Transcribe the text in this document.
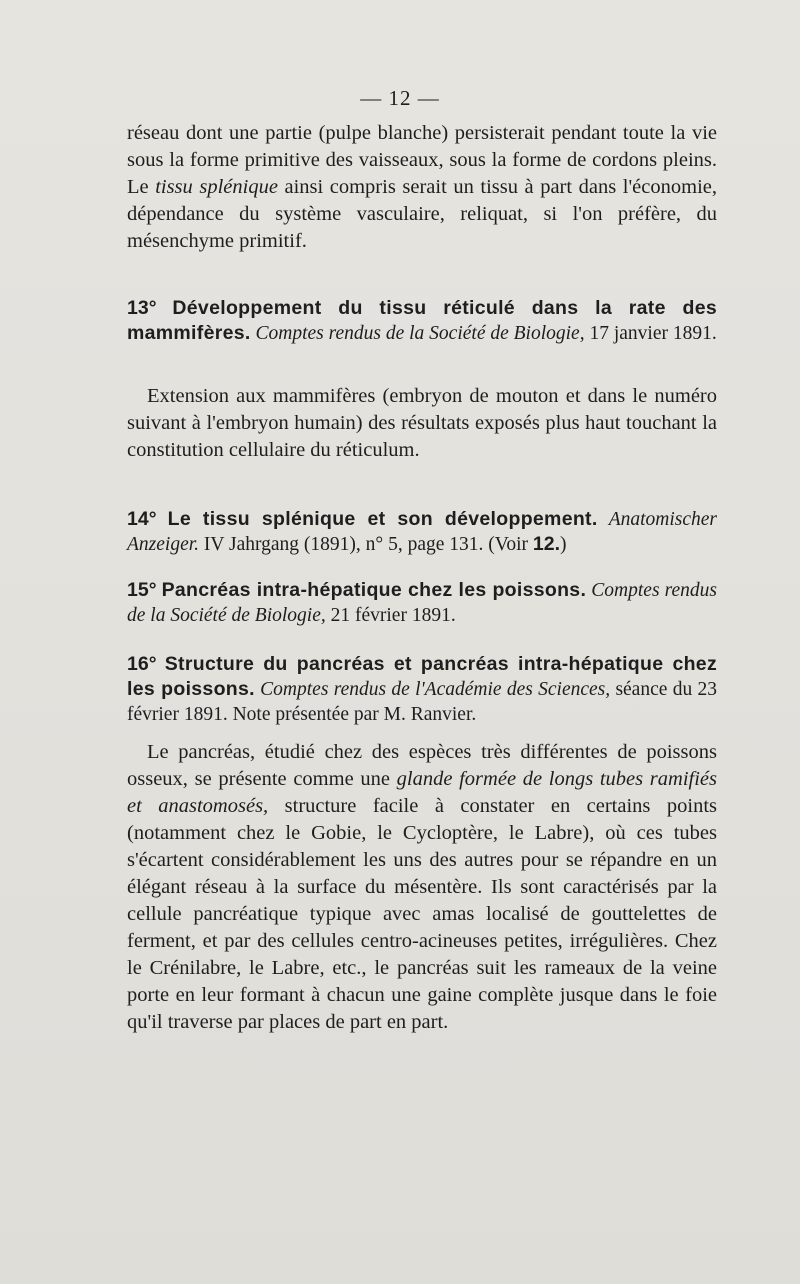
— 12 —

réseau dont une partie (pulpe blanche) persisterait pendant toute la vie sous la forme primitive des vaisseaux, sous la forme de cordons pleins. Le tissu splénique ainsi compris serait un tissu à part dans l'économie, dépendance du système vasculaire, reliquat, si l'on préfère, du mésenchyme primitif.

13° Développement du tissu réticulé dans la rate des mammifères. Comptes rendus de la Société de Biologie, 17 janvier 1891.
Extension aux mammifères (embryon de mouton et dans le numéro suivant à l'embryon humain) des résultats exposés plus haut touchant la constitution cellulaire du réticulum.
14° Le tissu splénique et son développement. Anatomischer Anzeiger. IV Jahrgang (1891), n° 5, page 131. (Voir 12.)
15° Pancréas intra-hépatique chez les poissons. Comptes rendus de la Société de Biologie, 21 février 1891.
16° Structure du pancréas et pancréas intra-hépatique chez les poissons. Comptes rendus de l'Académie des Sciences, séance du 23 février 1891. Note présentée par M. Ranvier.
Le pancréas, étudié chez des espèces très différentes de poissons osseux, se présente comme une glande formée de longs tubes ramifiés et anastomosés, structure facile à constater en certains points (notamment chez le Gobie, le Cycloptère, le Labre), où ces tubes s'écartent considérablement les uns des autres pour se répandre en un élégant réseau à la surface du mésentère. Ils sont caractérisés par la cellule pancréatique typique avec amas localisé de gouttelettes de ferment, et par des cellules centro-acineuses petites, irrégulières. Chez le Crénilabre, le Labre, etc., le pancréas suit les rameaux de la veine porte en leur formant à chacun une gaine complète jusque dans le foie qu'il traverse par places de part en part.
